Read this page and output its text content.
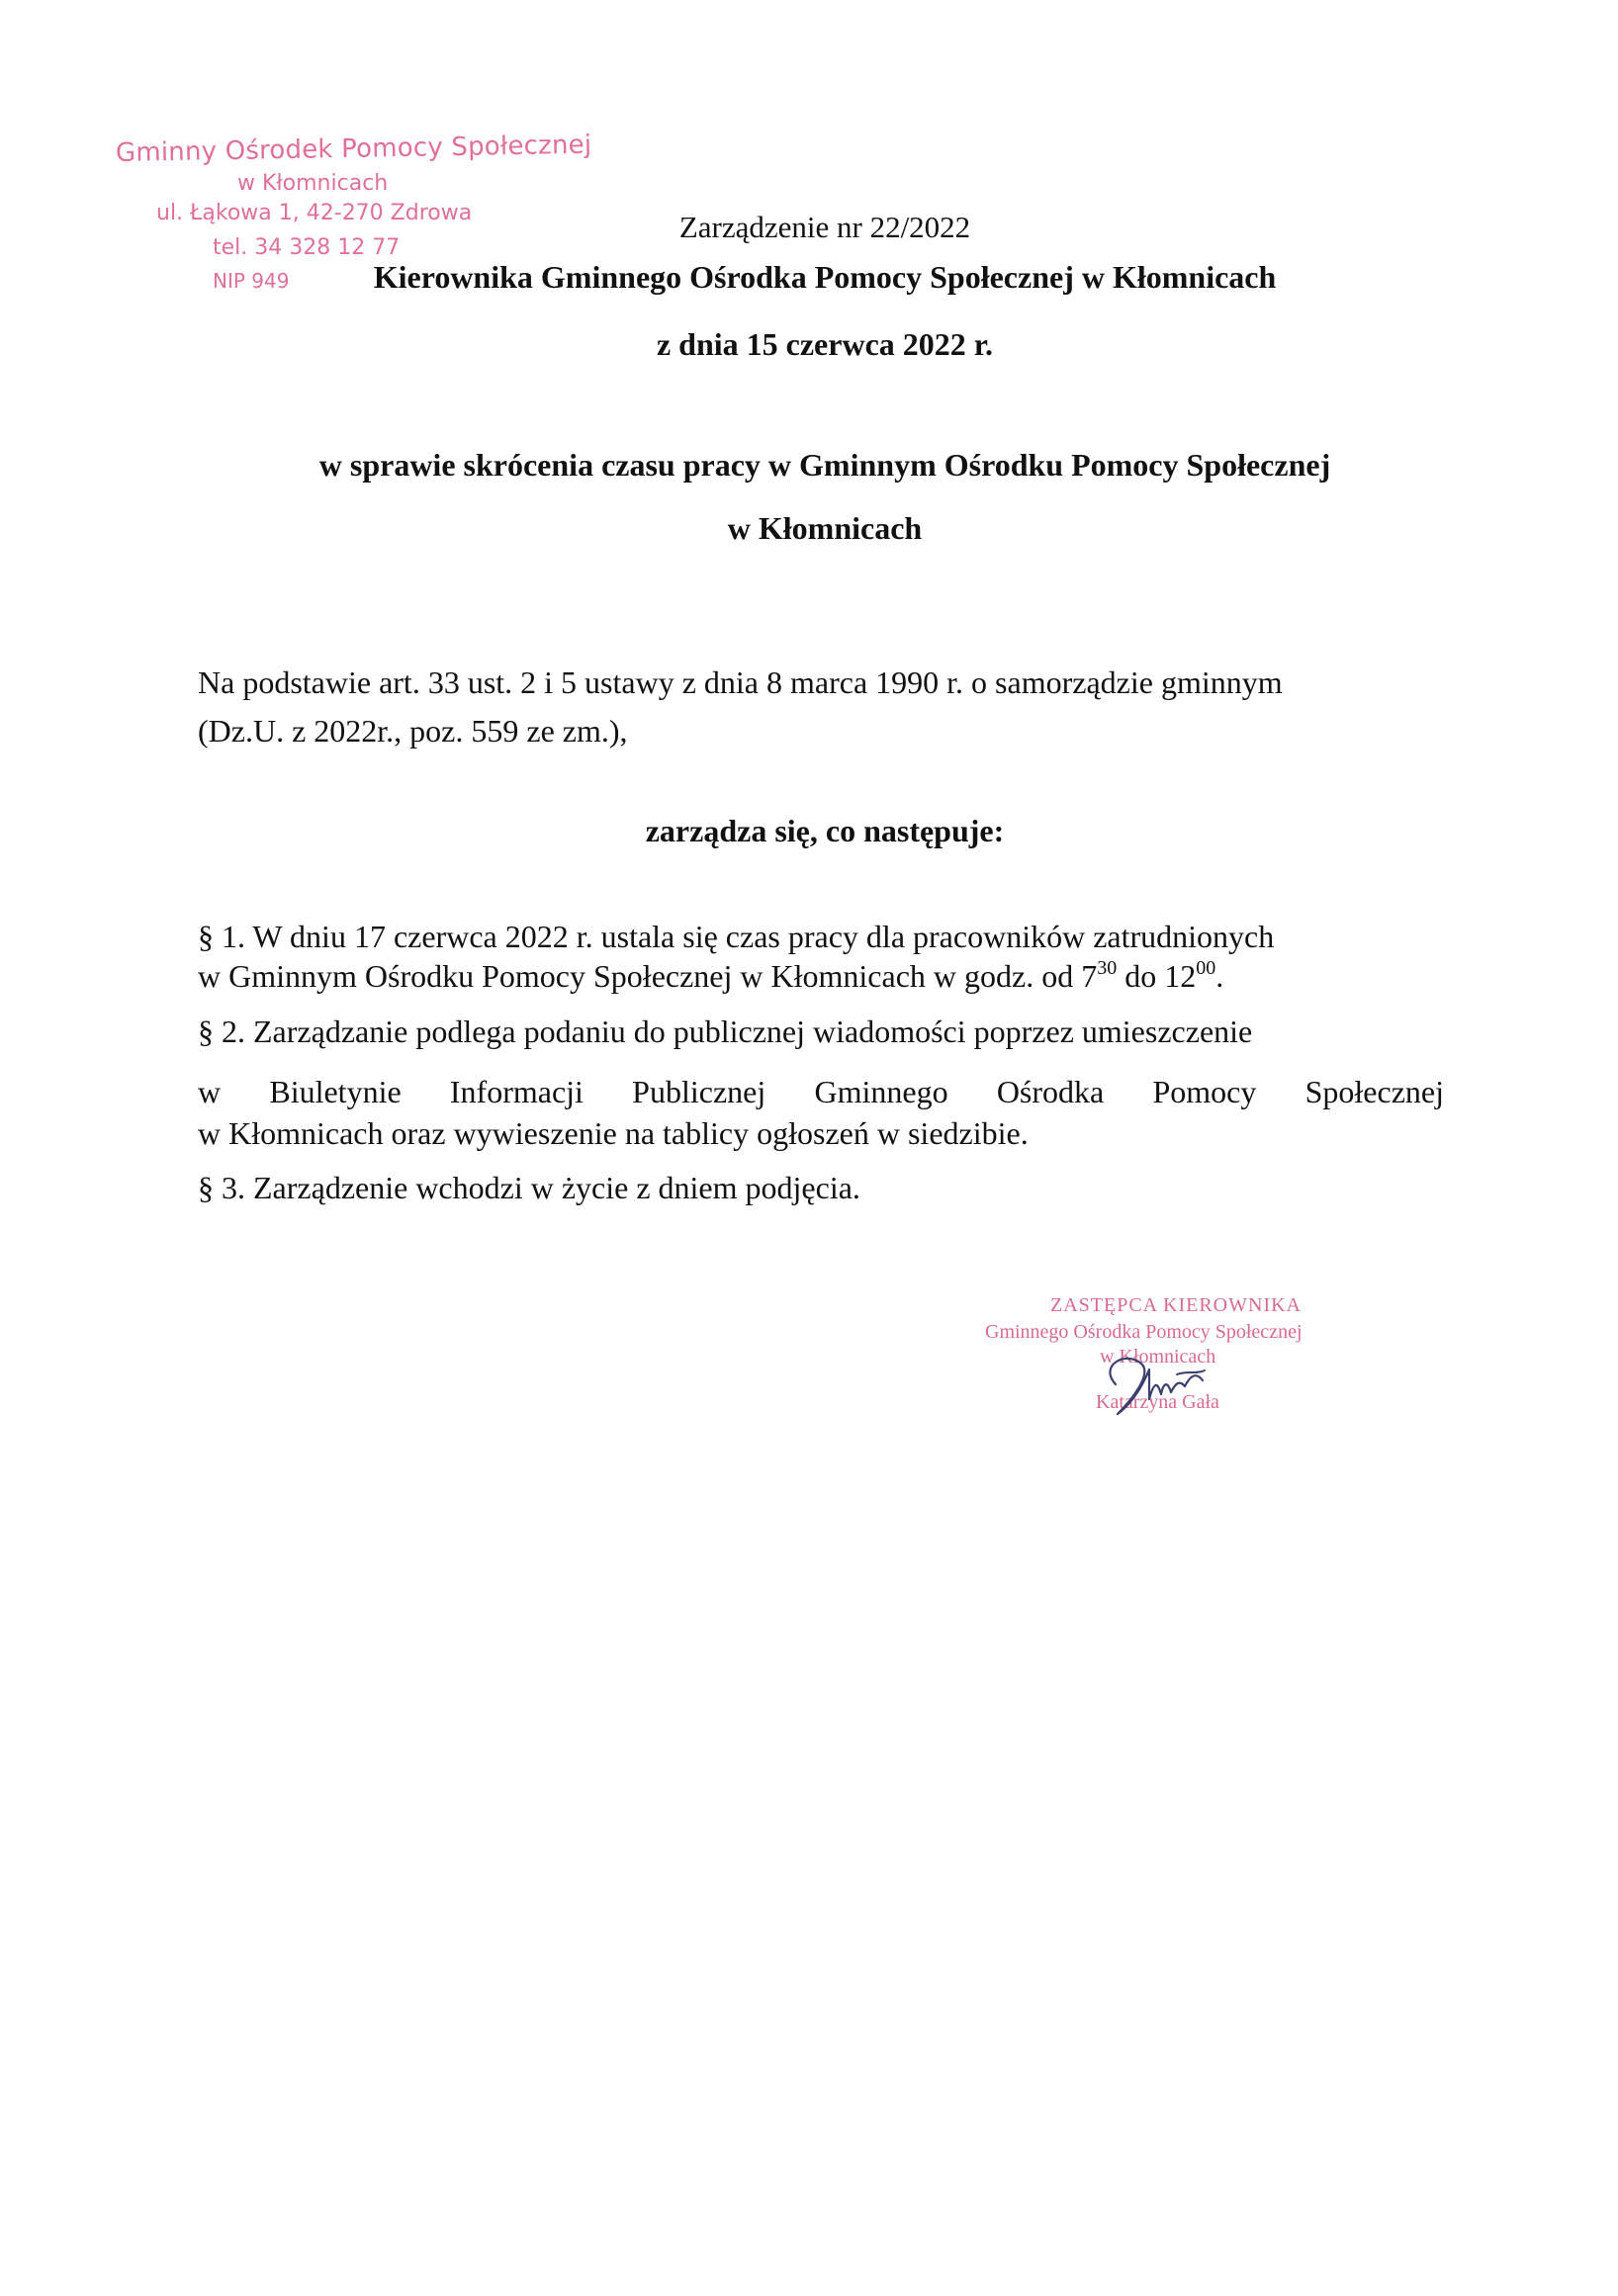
Gminny Ośrodek Pomocy Społecznej
w Kłomnicach
ul. Łąkowa 1, 42-270 Zdrowa
tel. 34 328 12 77
NIP 949
Zarządzenie nr 22/2022
Kierownika Gminnego Ośrodka Pomocy Społecznej w Kłomnicach
z dnia 15 czerwca 2022 r.
w sprawie skrócenia czasu pracy w Gminnym Ośrodku Pomocy Społecznej
w Kłomnicach
Na podstawie art. 33 ust. 2 i 5 ustawy z dnia 8 marca 1990 r. o samorządzie gminnym
(Dz.U. z 2022r., poz. 559 ze zm.),
zarządza się, co następuje:
§ 1. W dniu 17 czerwca 2022 r. ustala się czas pracy dla pracowników zatrudnionych
w Gminnym Ośrodku Pomocy Społecznej w Kłomnicach w godz. od $7^{30}$ do $12^{00}$.
§ 2. Zarządzanie podlega podaniu do publicznej wiadomości poprzez umieszczenie
w Biuletynie Informacji Publicznej Gminnego Ośrodka Pomocy Społecznej
w Kłomnicach oraz wywieszenie na tablicy ogłoszeń w siedzibie.
§ 3. Zarządzenie wchodzi w życie z dniem podjęcia.
ZASTĘPCA KIEROWNIKA
Gminnego Ośrodka Pomocy Społecznej
w Kłomnicach
Katarzyna Gała
